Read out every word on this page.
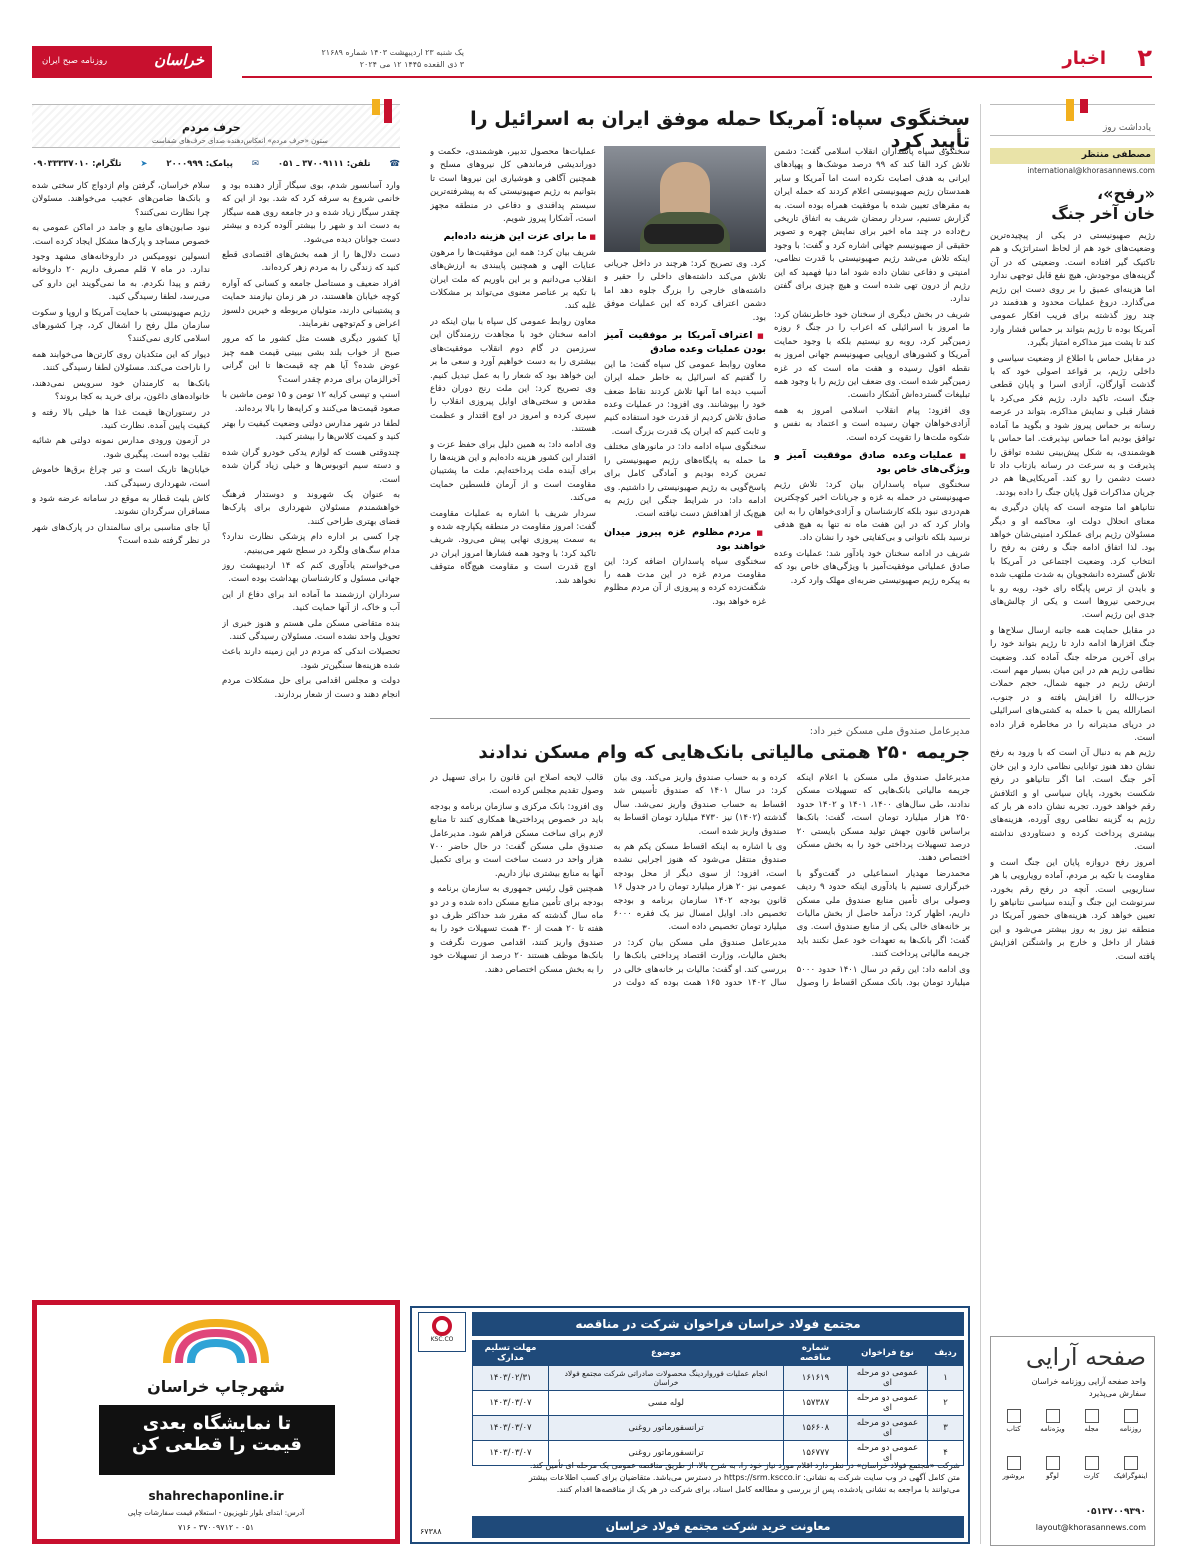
۲
اخبار
یک شنبه ۲۳ اردیبهشت ۱۴۰۳ شماره ۲۱۶۸۹
۳ ذی القعده ۱۴۴۵ ۱۲ می ۲۰۲۴
خراسان
روزنامه صبح ایران
یادداشت روز
مصطفی منتظر
international@khorasannews.com
«رفح»،
خان آخر جنگ

رژیم صهیونیستی در یکی از پیچیده‌ترین وضعیت‌های خود هم از لحاظ استراتژیک و هم تاکتیک گیر افتاده است. وضعیتی که در آن گزینه‌های موجودش، هیچ نفع قابل توجهی ندارد اما هزینه‌ای عمیق را بر روی دست این رژیم می‌گذارد. دروغ عملیات محدود و هدفمند در چند روز گذشته برای فریب افکار عمومی آمریکا بوده تا رژیم بتواند بر حماس فشار وارد کند تا پشت میز مذاکره امتیاز بگیرد.

در مقابل حماس با اطلاع از وضعیت سیاسی و داخلی رژیم، بر قواعد اصولی خود که با گذشت آوارگان، آزادی اسرا و پایان قطعی جنگ است، تاکید دارد. رژیم فکر می‌کرد با فشار قبلی و نمایش مذاکره، بتواند در عرصه رسانه بر حماس پیروز شود و بگوید ما آماده توافق بودیم اما حماس نپذیرفت. اما حماس با هوشمندی، به شکل پیش‌بینی نشده توافق را پذیرفت و به سرعت در رسانه بازتاب داد تا دست دشمن را رو کند. آمریکایی‌ها هم در جریان مذاکرات قول پایان جنگ را داده بودند.

نتانیاهو اما متوجه است که پایان درگیری به معنای انحلال دولت او، محاکمه او و دیگر مسئولان رژیم برای عملکرد امنیتی‌شان خواهد بود. لذا اتفاق ادامه جنگ و رفتن به رفح را انتخاب کرد. وضعیت اجتماعی در آمریکا با تلاش گسترده دانشجویان به شدت ملتهب شده و بایدن از ترس پایگاه رای خود، روبه رو با بی‌رحمی نیروها است و یکی از چالش‌های جدی این رژیم است.

در مقابل حمایت همه جانبه ارسال سلاح‌ها و جنگ افزارها ادامه دارد تا رژیم بتواند خود را برای آخرین مرحله جنگ آماده کند. وضعیت نظامی رژیم هم در این میان بسیار مهم است. ارتش رژیم در جبهه شمال، حجم حملات حزب‌الله را افزایش یافته و در جنوب، انصارالله یمن با حمله به کشتی‌های اسرائیلی در دریای مدیترانه را در مخاطره قرار داده است.

رژیم هم به دنبال آن است که با ورود به رفح نشان دهد هنوز توانایی نظامی دارد و این خان آخر جنگ است. اما اگر نتانیاهو در رفح شکست بخورد، پایان سیاسی او و ائتلافش رقم خواهد خورد. تجربه نشان داده هر بار که رژیم به گزینه نظامی روی آورده، هزینه‌های بیشتری پرداخت کرده و دستاوردی نداشته است.

امروز رفح دروازه پایان این جنگ است و مقاومت با تکیه بر مردم، آماده رویارویی با هر سناریویی است. آنچه در رفح رقم بخورد، سرنوشت این جنگ و آینده سیاسی نتانیاهو را تعیین خواهد کرد. هزینه‌های حضور آمریکا در منطقه نیز روز به روز بیشتر می‌شود و این فشار از داخل و خارج بر واشنگتن افزایش یافته است.

صفحه آرایی
واحد صفحه آرایی روزنامه خراسان
سفارش می‌پذیرد
روزنامه
مجله
ویژه‌نامه
کتاب
اینفوگرافیک
کارت
لوگو
بروشور
۰۵۱۳۷۰۰۹۳۹۰
layout@khorasannews.com
سخنگوی سپاه: آمریکا حمله موفق ایران به اسرائیل را تأیید کرد

سخنگوی سپاه پاسداران انقلاب اسلامی گفت: دشمن تلاش کرد القا کند که ۹۹ درصد موشک‌ها و پهپادهای ایرانی به هدف اصابت نکرده است اما آمریکا و سایر همدستان رژیم صهیونیستی اعلام کردند که حمله ایران به مقرهای تعیین شده با موفقیت همراه بوده است. به گزارش تسنیم، سردار رمضان شریف به اتفاق تاریخی رخ‌داده در چند ماه اخیر برای نمایش چهره و تصویر حقیقی از صهیونیسم جهانی اشاره کرد و گفت: با وجود اینکه تلاش می‌شد رژیم صهیونیستی با قدرت نظامی، امنیتی و دفاعی نشان داده شود اما دنیا فهمید که این رژیم از درون تهی شده است و هیچ چیزی برای گفتن ندارد.

شریف در بخش دیگری از سخنان خود خاطرنشان کرد: ما امروز با اسرائیلی که اعراب را در جنگ ۶ روزه زمین‌گیر کرد، روبه رو نیستیم بلکه با وجود حمایت آمریکا و کشورهای اروپایی صهیونیسم جهانی امروز به نقطه افول رسیده و هفت ماه است که در غزه زمین‌گیر شده است. وی ضعف این رژیم را با وجود همه تبلیغات گسترده‌اش آشکار دانست.

وی افزود: پیام انقلاب اسلامی امروز به همه آزادی‌خواهان جهان رسیده است و اعتماد به نفس و شکوه ملت‌ها را تقویت کرده است.

■ عملیات وعده صادق موفقیت آمیز و ویژگی‌های خاص بود

سخنگوی سپاه پاسداران بیان کرد: تلاش رژیم صهیونیستی در حمله به غزه و جریانات اخیر کوچکترین هم‌دردی نبود بلکه کارشناسان و آزادی‌خواهان را به این وادار کرد که در این هفت ماه نه تنها به هیچ هدفی نرسید بلکه ناتوانی و بی‌کفایتی خود را نشان داد.

شریف در ادامه سخنان خود یادآور شد: عملیات وعده صادق عملیاتی موفقیت‌آمیز با ویژگی‌های خاص بود که به پیکره رژیم صهیونیستی ضربه‌ای مهلک وارد کرد.

کرد. وی تصریح کرد: هرچند در داخل جریانی تلاش می‌کند داشته‌های داخلی را حقیر و داشته‌های خارجی را بزرگ جلوه دهد اما دشمن اعتراف کرده که این عملیات موفق بود.

■ اعتراف آمریکا بر موفقیت آمیز بودن عملیات وعده صادق

معاون روابط عمومی کل سپاه گفت: ما این را گفتیم که اسرائیل به خاطر حمله ایران آسیب دیده اما آنها تلاش کردند نقاط ضعف خود را بپوشانند. وی افزود: در عملیات وعده صادق تلاش کردیم از قدرت خود استفاده کنیم و ثابت کنیم که ایران یک قدرت بزرگ است.

سخنگوی سپاه ادامه داد: در مانورهای مختلف ما حمله به پایگاه‌های رژیم صهیونیستی را تمرین کرده بودیم و آمادگی کامل برای پاسخ‌گویی به رژیم صهیونیستی را داشتیم. وی ادامه داد: در شرایط جنگی این رژیم به هیچ‌یک از اهدافش دست نیافته است.

■ مردم مظلوم غزه پیروز میدان خواهند بود

سخنگوی سپاه پاسداران اضافه کرد: این مقاومت مردم غزه در این مدت همه را شگفت‌زده کرده و پیروزی از آن مردم مظلوم غزه خواهد بود.

عملیات‌ها محصول تدبیر، هوشمندی، حکمت و دوراندیشی فرماندهی کل نیروهای مسلح و همچنین آگاهی و هوشیاری این نیروها است تا بتوانیم به رژیم صهیونیستی که به پیشرفته‌ترین سیستم پدافندی و دفاعی در منطقه مجهز است، آشکارا پیروز شویم.

■ ما برای عزت این هزینه داده‌ایم

شریف بیان کرد: همه این موفقیت‌ها را مرهون عنایات الهی و همچنین پایبندی به ارزش‌های انقلاب می‌دانیم و بر این باوریم که ملت ایران با تکیه بر عناصر معنوی می‌تواند بر مشکلات غلبه کند.

معاون روابط عمومی کل سپاه با بیان اینکه در ادامه سخنان خود با مجاهدت رزمندگان این سرزمین در گام دوم انقلاب موفقیت‌های بیشتری را به دست خواهیم آورد و سعی ما بر این خواهد بود که شعار را به عمل تبدیل کنیم. وی تصریح کرد: این ملت رنج دوران دفاع مقدس و سختی‌های اوایل پیروزی انقلاب را سپری کرده و امروز در اوج اقتدار و عظمت هستند.

وی ادامه داد: به همین دلیل برای حفظ عزت و اقتدار این کشور هزینه داده‌ایم و این هزینه‌ها را برای آینده ملت پرداخته‌ایم. ملت ما پشتیبان مقاومت است و از آرمان فلسطین حمایت می‌کند.

سردار شریف با اشاره به عملیات مقاومت گفت: امروز مقاومت در منطقه یکپارچه شده و به سمت پیروزی نهایی پیش می‌رود. شریف تاکید کرد: با وجود همه فشارها امروز ایران در اوج قدرت است و مقاومت هیچ‌گاه متوقف نخواهد شد.

مدیرعامل صندوق ملی مسکن خبر داد:
جریمه ۲۵۰ همتی مالیاتی بانک‌هایی که وام مسکن ندادند

مدیرعامل صندوق ملی مسکن با اعلام اینکه جریمه مالیاتی بانک‌هایی که تسهیلات مسکن ندادند، طی سال‌های ۱۴۰۰، ۱۴۰۱ و ۱۴۰۲ حدود ۲۵۰ هزار میلیارد تومان است، گفت: بانک‌ها براساس قانون جهش تولید مسکن بایستی ۲۰ درصد تسهیلات پرداختی خود را به بخش مسکن اختصاص دهند.

محمدرضا مهدیار اسماعیلی در گفت‌وگو با خبرگزاری تسنیم با یادآوری اینکه حدود ۹ ردیف وصولی برای تأمین منابع صندوق ملی مسکن داریم، اظهار کرد: درآمد حاصل از بخش مالیات بر خانه‌های خالی یکی از منابع صندوق است. وی گفت: اگر بانک‌ها به تعهدات خود عمل نکنند باید جریمه مالیاتی پرداخت کنند.

وی ادامه داد: این رقم در سال ۱۴۰۱ حدود ۵۰۰۰ میلیارد تومان بود. بانک مسکن اقساط را وصول کرده و به حساب صندوق واریز می‌کند. وی بیان کرد: در سال ۱۴۰۱ که صندوق تأسیس شد اقساط به حساب صندوق واریز نمی‌شد. سال گذشته (۱۴۰۲) نیز ۴۷۳۰ میلیارد تومان اقساط به صندوق واریز شده است.

وی با اشاره به اینکه اقساط مسکن یکم هم به صندوق منتقل می‌شود که هنوز اجرایی نشده است، افزود: از سوی دیگر از محل بودجه عمومی نیز ۲۰ هزار میلیارد تومان را در جدول ۱۶ قانون بودجه ۱۴۰۲ سازمان برنامه و بودجه تخصیص داد. اوایل امسال نیز یک فقره ۶۰۰۰ میلیارد تومان تخصیص داده است.

مدیرعامل صندوق ملی مسکن بیان کرد: در بخش مالیات، وزارت اقتصاد پرداختی بانک‌ها را بررسی کند. او گفت: مالیات بر خانه‌های خالی در سال ۱۴۰۲ حدود ۱۶۵ همت بوده که دولت در قالب لایحه اصلاح این قانون را برای تسهیل در وصول تقدیم مجلس کرده است.

وی افزود: بانک مرکزی و سازمان برنامه و بودجه باید در خصوص پرداختی‌ها همکاری کنند تا منابع لازم برای ساخت مسکن فراهم شود. مدیرعامل صندوق ملی مسکن گفت: در حال حاضر ۷۰۰ هزار واحد در دست ساخت است و برای تکمیل آنها به منابع بیشتری نیاز داریم.

همچنین قول رئیس جمهوری به سازمان برنامه و بودجه برای تأمین منابع مسکن داده شده و در دو ماه سال گذشته که مقرر شد حداکثر ظرف دو هفته تا ۲۰ همت از ۳۰ همت تسهیلات خود را به صندوق واریز کنند، اقدامی صورت نگرفت و بانک‌ها موظف هستند ۲۰ درصد از تسهیلات خود را به بخش مسکن اختصاص دهند.

مجتمع فولاد خراسان فراخوان شرکت در مناقصه
KSC.CO
ردیف	نوع فراخوان	شماره مناقصه	موضوع	مهلت تسلیم مدارک
۱	عمومی دو مرحله ای	۱۶۱۶۱۹	انجام عملیات فورواردینگ محصولات صادراتی شرکت مجتمع فولاد خراسان	۱۴۰۳/۰۲/۳۱
۲	عمومی دو مرحله ای	۱۵۷۳۸۷	لوله مسی	۱۴۰۳/۰۳/۰۷
۳	عمومی دو مرحله ای	۱۵۶۶۰۸	ترانسفورماتور روغنی	۱۴۰۳/۰۳/۰۷
۴	عمومی دو مرحله ای	۱۵۶۷۷۷	ترانسفورماتور روغنی	۱۴۰۳/۰۳/۰۷
شرکت «مجتمع فولاد خراسان» در نظر دارد اقلام مورد نیاز خود را، به شرح بالا، از طریق مناقصه عمومی یک مرحله ای تأمین کند.
متن کامل آگهی در وب سایت شرکت به نشانی: https://srm.kscco.ir در دسترس می‌باشد. متقاضیان برای کسب اطلاعات بیشتر
می‌توانند با مراجعه به نشانی یادشده، پس از بررسی و مطالعه کامل اسناد، برای شرکت در هر یک از مناقصه‌ها اقدام کنند.
معاونت خرید شرکت مجتمع فولاد خراسان
۶۷۳۸۸
حرف مردم
ستون «حرف مردم» انعکاس‌دهنده صدای حرف‌های شماست
☎
تلفن: ۳۷۰۰۹۱۱۱ ـ ۰۵۱
✉
پیامک: ۲۰۰۰۹۹۹
➤
تلگرام: ۰۹۰۳۳۳۳۷۰۱۰

وارد آسانسور شدم، بوی سیگار آزار دهنده بود و خانمی شروع به سرفه کرد که شد. بود از این که چقدر سیگار زیاد شده و در جامعه روی همه سیگار به دست اند و شهر را بیشتر آلوده کرده و بیشتر دست جوانان دیده می‌شود.

دست دلال‌ها را از همه بخش‌های اقتصادی قطع کنید که زندگی را به مردم زهر کرده‌اند.

افراد ضعیف و مستاصل جامعه و کسانی که آواره کوچه خیابان هاهستند، در هر زمان نیازمند حمایت و پشتیبانی دارند، متولیان مربوطه و خیرین دلسوز اعراض و کم‌توجهی نفرمایند.

آیا کشور دیگری هست مثل کشور ما که مرور صبح از خواب بلند بشی ببینی قیمت همه چیز عوض شده؟ آیا هم چه قیمت‌ها تا این گرانی آخرالزمان برای مردم چقدر است؟

اسنپ و تپسی کرایه ۱۲ تومن و ۱۵ تومن ماشین با صعود قیمت‌ها می‌کنند و کرایه‌ها را بالا برده‌اند.

لطفا در شهر مدارس دولتی وضعیت کیفیت را بهتر کنید و کمیت کلاس‌ها را بیشتر کنید.

چندوقتی هست که لوازم یدکی خودرو گران شده و دسته سیم اتوبوس‌ها و خیلی زیاد گران شده است.

به عنوان یک شهروند و دوستدار فرهنگ خواهشمندم مسئولان شهرداری برای پارک‌ها فضای بهتری طراحی کنند.

چرا کسی بر اداره دام پزشکی نظارت ندارد؟ مدام سگ‌های ولگرد در سطح شهر می‌بینیم.

می‌خواستم یادآوری کنم که ۱۴ اردیبهشت روز جهانی مسئول و کارشناسان بهداشت بوده است.

سرداران ارزشمند ما آماده اند برای دفاع از این آب و خاک، از آنها حمایت کنید.

بنده متقاضی مسکن ملی هستم و هنوز خبری از تحویل واحد نشده است. مسئولان رسیدگی کنند.

تحصیلات اندکی که مردم در این زمینه دارند باعث شده هزینه‌ها سنگین‌تر شود.

دولت و مجلس اقدامی برای حل مشکلات مردم انجام دهند و دست از شعار بردارند.

سلام خراسان، گرفتن وام ازدواج کار سختی شده و بانک‌ها ضامن‌های عجیب می‌خواهند. مسئولان چرا نظارت نمی‌کنند؟

نبود صابون‌های مایع و جامد در اماکن عمومی به خصوص مساجد و پارک‌ها مشکل ایجاد کرده است.

انسولین نوومیکس در داروخانه‌های مشهد وجود ندارد. در ماه ۷ قلم مصرف داریم ۲۰ داروخانه رفتم و پیدا نکردم. به ما نمی‌گویند این دارو کی می‌رسد، لطفا رسیدگی کنید.

رژیم صهیونیستی با حمایت آمریکا و اروپا و سکوت سازمان ملل رفح را اشغال کرد، چرا کشورهای اسلامی کاری نمی‌کنند؟

دیوار که این متکدیان روی کارتن‌ها می‌خوابند همه را ناراحت می‌کند. مسئولان لطفا رسیدگی کنند.

بانک‌ها به کارمندان خود سرویس نمی‌دهند، خانواده‌های داغون، برای خرید به کجا بروند؟

در رستوران‌ها قیمت غذا ها خیلی بالا رفته و کیفیت پایین آمده. نظارت کنید.

در آزمون ورودی مدارس نمونه دولتی هم شائبه تقلب بوده است. پیگیری شود.

خیابان‌ها تاریک است و تیر چراغ برق‌ها خاموش است، شهرداری رسیدگی کند.

کاش بلیت قطار به موقع در سامانه عرضه شود و مسافران سرگردان نشوند.

آیا جای مناسبی برای سالمندان در پارک‌های شهر در نظر گرفته شده است؟

شهرچاپ خراسان
تا نمایشگاه بعدی
قیمت را قطعی کن
shahrechaponline.ir
آدرس: ابتدای بلوار تلویزیون - استعلام قیمت سفارشات چاپی
۰۵۱ - ۳۷۰۰۹۷۱۲ - ۷۱۶
